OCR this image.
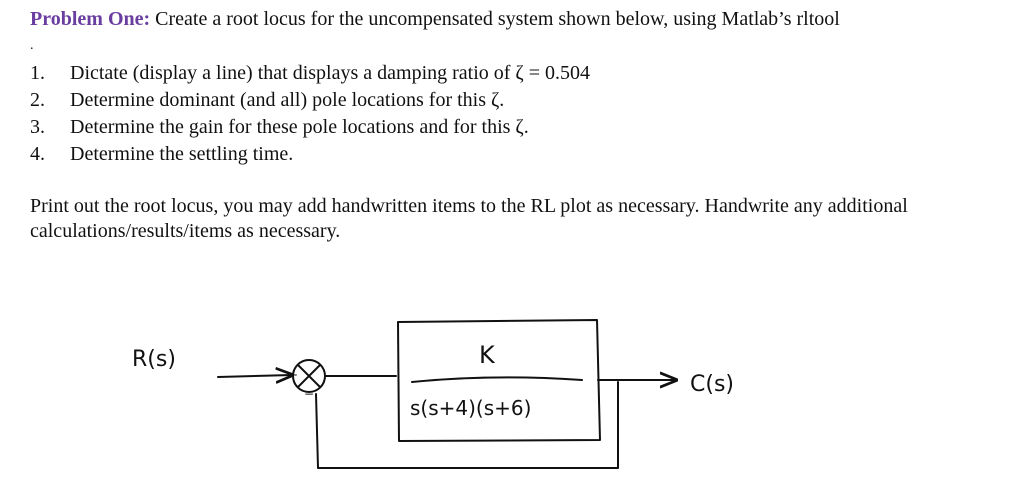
Problem One: Create a root locus for the uncompensated system shown below, using Matlab’s rltool
.
1. Dictate (display a line) that displays a damping ratio of ζ = 0.504
2. Determine dominant (and all) pole locations for this ζ.
3. Determine the gain for these pole locations and for this ζ.
4. Determine the settling time.
Print out the root locus, you may add handwritten items to the RL plot as necessary. Handwrite any additional
calculations/results/items as necessary.
R(s)
C(s)
K
s(s+4)(s+6)
+
−
